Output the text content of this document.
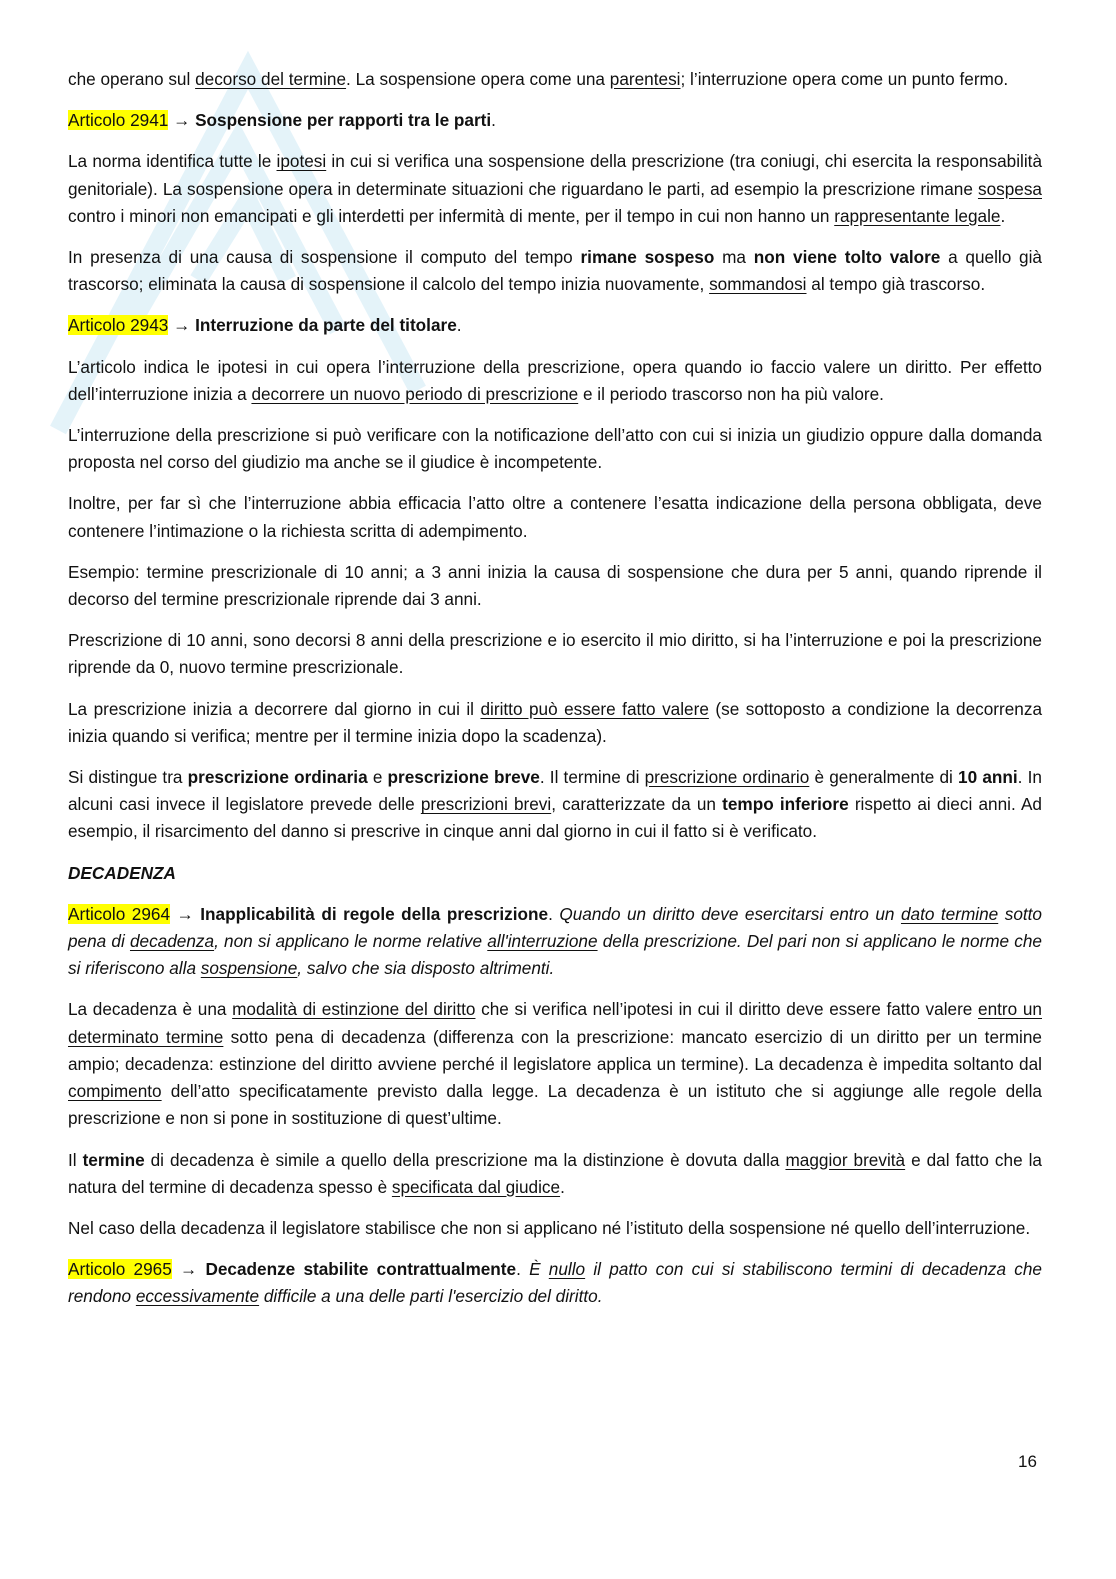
che operano sul decorso del termine. La sospensione opera come una parentesi; l’interruzione opera come un punto fermo.

Articolo 2941 → Sospensione per rapporti tra le parti.

La norma identifica tutte le ipotesi in cui si verifica una sospensione della prescrizione (tra coniugi, chi esercita la responsabilità genitoriale). La sospensione opera in determinate situazioni che riguardano le parti, ad esempio la prescrizione rimane sospesa contro i minori non emancipati e gli interdetti per infermità di mente, per il tempo in cui non hanno un rappresentante legale.

In presenza di una causa di sospensione il computo del tempo rimane sospeso ma non viene tolto valore a quello già trascorso; eliminata la causa di sospensione il calcolo del tempo inizia nuovamente, sommandosi al tempo già trascorso.

Articolo 2943 → Interruzione da parte del titolare.

L’articolo indica le ipotesi in cui opera l’interruzione della prescrizione, opera quando io faccio valere un diritto. Per effetto dell’interruzione inizia a decorrere un nuovo periodo di prescrizione e il periodo trascorso non ha più valore.

L’interruzione della prescrizione si può verificare con la notificazione dell’atto con cui si inizia un giudizio oppure dalla domanda proposta nel corso del giudizio ma anche se il giudice è incompetente.

Inoltre, per far sì che l’interruzione abbia efficacia l’atto oltre a contenere l’esatta indicazione della persona obbligata, deve contenere l’intimazione o la richiesta scritta di adempimento.

Esempio: termine prescrizionale di 10 anni; a 3 anni inizia la causa di sospensione che dura per 5 anni, quando riprende il decorso del termine prescrizionale riprende dai 3 anni.

Prescrizione di 10 anni, sono decorsi 8 anni della prescrizione e io esercito il mio diritto, si ha l’interruzione e poi la prescrizione riprende da 0, nuovo termine prescrizionale.

La prescrizione inizia a decorrere dal giorno in cui il diritto può essere fatto valere (se sottoposto a condizione la decorrenza inizia quando si verifica; mentre per il termine inizia dopo la scadenza).

Si distingue tra prescrizione ordinaria e prescrizione breve. Il termine di prescrizione ordinario è generalmente di 10 anni. In alcuni casi invece il legislatore prevede delle prescrizioni brevi, caratterizzate da un tempo inferiore rispetto ai dieci anni. Ad esempio, il risarcimento del danno si prescrive in cinque anni dal giorno in cui il fatto si è verificato.

DECADENZA

Articolo 2964 → Inapplicabilità di regole della prescrizione. Quando un diritto deve esercitarsi entro un dato termine sotto pena di decadenza, non si applicano le norme relative all'interruzione della prescrizione. Del pari non si applicano le norme che si riferiscono alla sospensione, salvo che sia disposto altrimenti.

La decadenza è una modalità di estinzione del diritto che si verifica nell’ipotesi in cui il diritto deve essere fatto valere entro un determinato termine sotto pena di decadenza (differenza con la prescrizione: mancato esercizio di un diritto per un termine ampio; decadenza: estinzione del diritto avviene perché il legislatore applica un termine). La decadenza è impedita soltanto dal compimento dell’atto specificatamente previsto dalla legge. La decadenza è un istituto che si aggiunge alle regole della prescrizione e non si pone in sostituzione di quest’ultime.

Il termine di decadenza è simile a quello della prescrizione ma la distinzione è dovuta dalla maggior brevità e dal fatto che la natura del termine di decadenza spesso è specificata dal giudice.

Nel caso della decadenza il legislatore stabilisce che non si applicano né l’istituto della sospensione né quello dell’interruzione.

Articolo 2965 → Decadenze stabilite contrattualmente. È nullo il patto con cui si stabiliscono termini di decadenza che rendono eccessivamente difficile a una delle parti l'esercizio del diritto.

16
